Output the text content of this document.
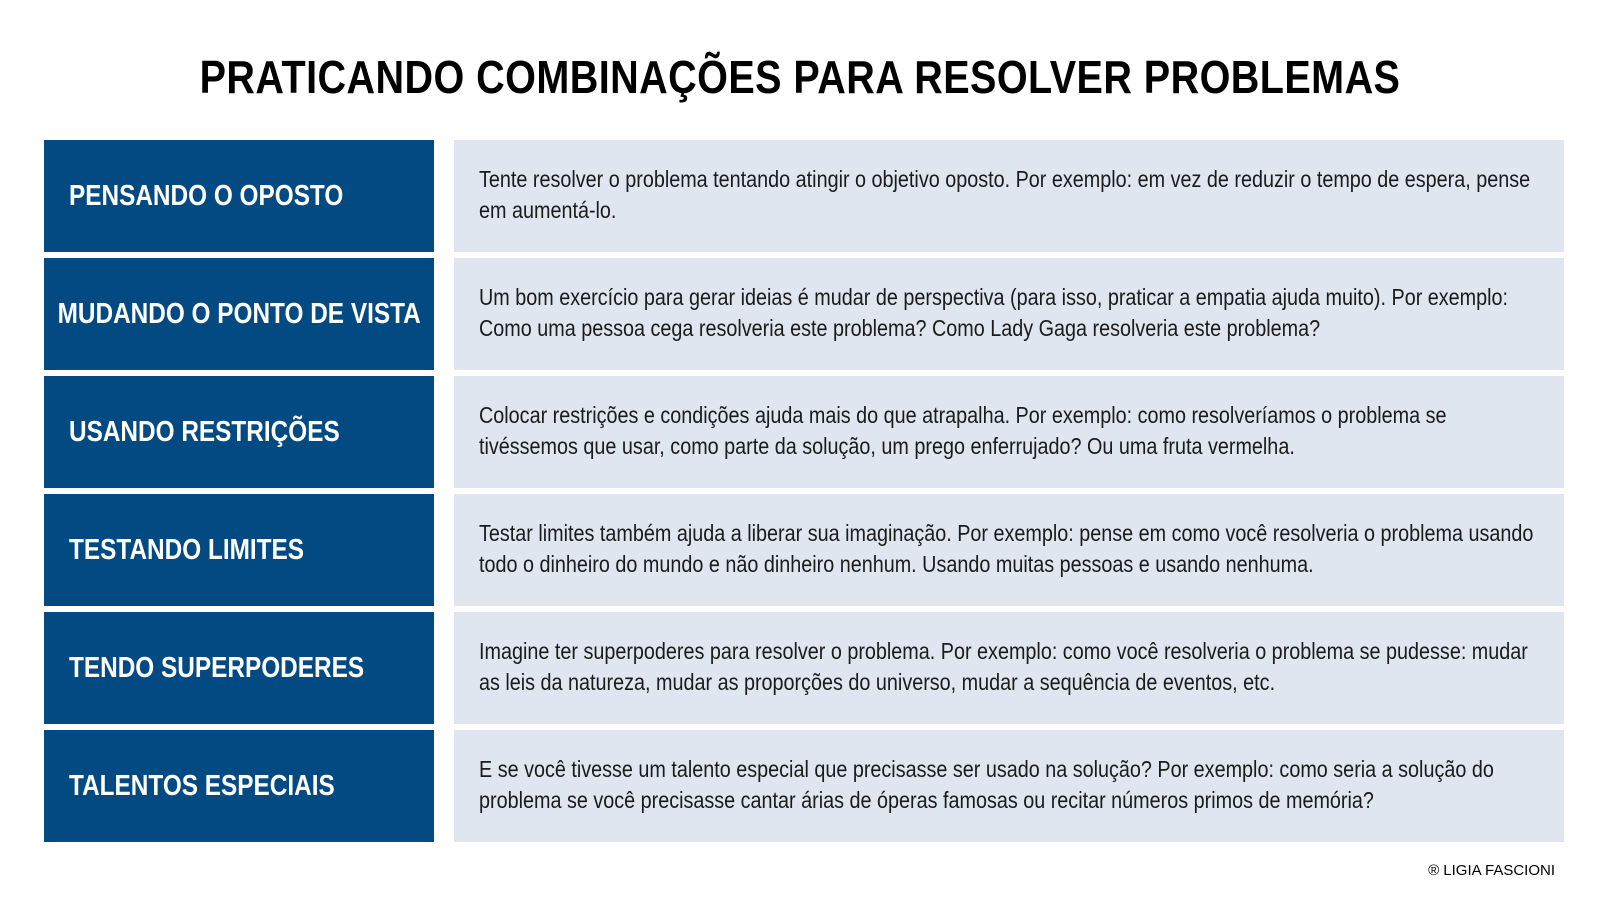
PRATICANDO COMBINAÇÕES PARA RESOLVER PROBLEMAS
PENSANDO O OPOSTO
Tente resolver o problema tentando atingir o objetivo oposto. Por exemplo: em vez de reduzir o tempo de espera, pense em aumentá-lo.
MUDANDO O PONTO DE VISTA
Um bom exercício para gerar ideias é mudar de perspectiva (para isso, praticar a empatia ajuda muito). Por exemplo: Como uma pessoa cega resolveria este problema? Como Lady Gaga resolveria este problema?
USANDO RESTRIÇÕES
Colocar restrições e condições ajuda mais do que atrapalha. Por exemplo: como resolveríamos o problema se tivéssemos que usar, como parte da solução, um prego enferrujado? Ou uma fruta vermelha.
TESTANDO LIMITES
Testar limites também ajuda a liberar sua imaginação. Por exemplo: pense em como você resolveria o problema usando todo o dinheiro do mundo e não dinheiro nenhum. Usando muitas pessoas e usando nenhuma.
TENDO SUPERPODERES
Imagine ter superpoderes para resolver o problema. Por exemplo: como você resolveria o problema se pudesse: mudar as leis da natureza, mudar as proporções do universo, mudar a sequência de eventos, etc.
TALENTOS ESPECIAIS
E se você tivesse um talento especial que precisasse ser usado na solução? Por exemplo: como seria a solução do problema se você precisasse cantar árias de óperas famosas ou recitar números primos de memória?
® LIGIA FASCIONI
